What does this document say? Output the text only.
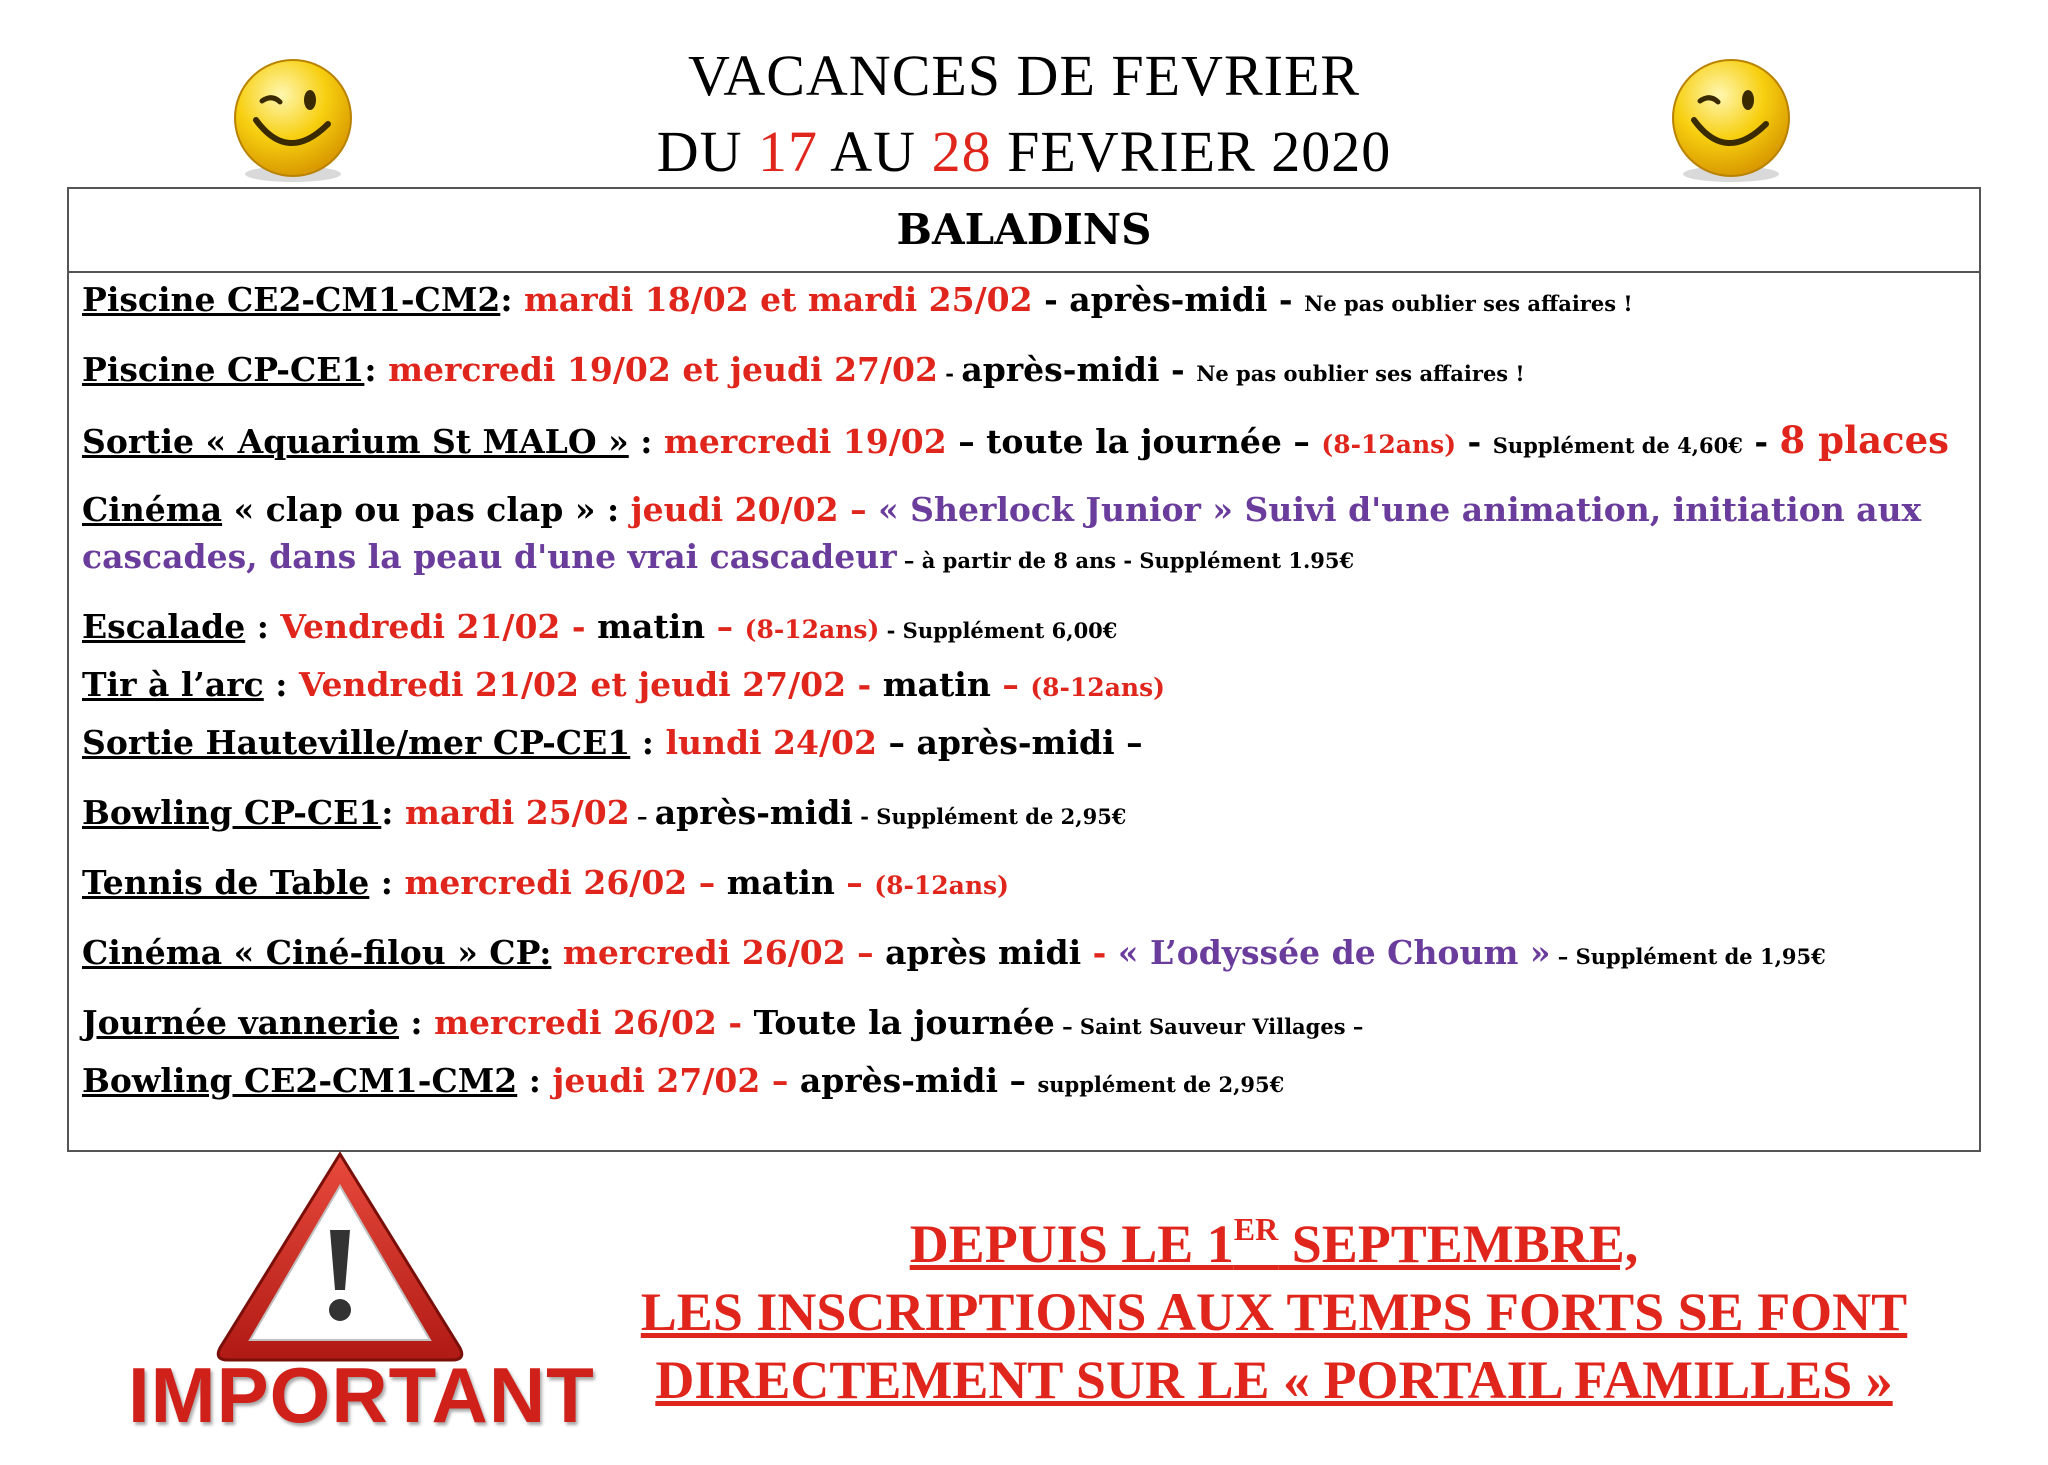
VACANCES DE FEVRIER
DU 17 AU 28 FEVRIER 2020
BALADINS
Piscine CE2-CM1-CM2: mardi 18/02 et mardi 25/02 - après-midi - Ne pas oublier ses affaires !
Piscine CP-CE1: mercredi 19/02 et jeudi 27/02 - après-midi - Ne pas oublier ses affaires !
Sortie « Aquarium St MALO » : mercredi 19/02 – toute la journée – (8-12ans) - Supplément de 4,60€ - 8 places
Cinéma « clap ou pas clap » : jeudi 20/02 – « Sherlock Junior » Suivi d'une animation, initiation aux
cascades, dans la peau d'une vrai cascadeur – à partir de 8 ans - Supplément 1.95€
Escalade : Vendredi 21/02 - matin – (8-12ans) - Supplément 6,00€
Tir à l’arc : Vendredi 21/02 et jeudi 27/02 - matin – (8-12ans)
Sortie Hauteville/mer CP-CE1 : lundi 24/02 – après-midi –
Bowling CP-CE1: mardi 25/02 – après-midi - Supplément de 2,95€
Tennis de Table : mercredi 26/02 – matin – (8-12ans)
Cinéma « Ciné-filou » CP: mercredi 26/02 – après midi - « L’odyssée de Choum » – Supplément de 1,95€
Journée vannerie : mercredi 26/02 - Toute la journée – Saint Sauveur Villages –
Bowling CE2-CM1-CM2 : jeudi 27/02 – après-midi – supplément de 2,95€
IMPORTANT
DEPUIS LE 1ER SEPTEMBRE,
LES INSCRIPTIONS AUX TEMPS FORTS SE FONT
DIRECTEMENT SUR LE « PORTAIL FAMILLES »
